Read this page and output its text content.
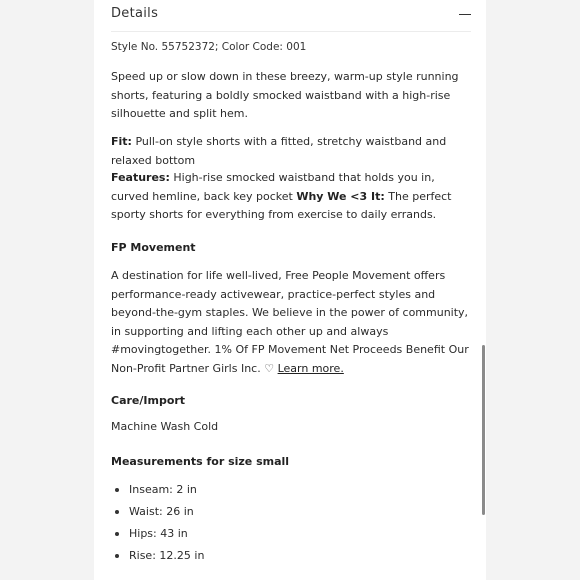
Details

Style No. 55752372; Color Code: 001

Speed up or slow down in these breezy, warm-up style running shorts, featuring a boldly smocked waistband with a high-rise silhouette and split hem.

Fit: Pull-on style shorts with a fitted, stretchy waistband and relaxed bottom

Features: High-rise smocked waistband that holds you in, curved hemline, back key pocket Why We <3 It: The perfect sporty shorts for everything from exercise to daily errands.

FP Movement

A destination for life well-lived, Free People Movement offers performance-ready activewear, practice-perfect styles and beyond-the-gym staples. We believe in the power of community, in supporting and lifting each other up and always #movingtogether. 1% Of FP Movement Net Proceeds Benefit Our Non-Profit Partner Girls Inc. ♡ Learn more.

Care/Import

Machine Wash Cold

Measurements for size small
Inseam: 2 in
Waist: 26 in
Hips: 43 in
Rise: 12.25 in
